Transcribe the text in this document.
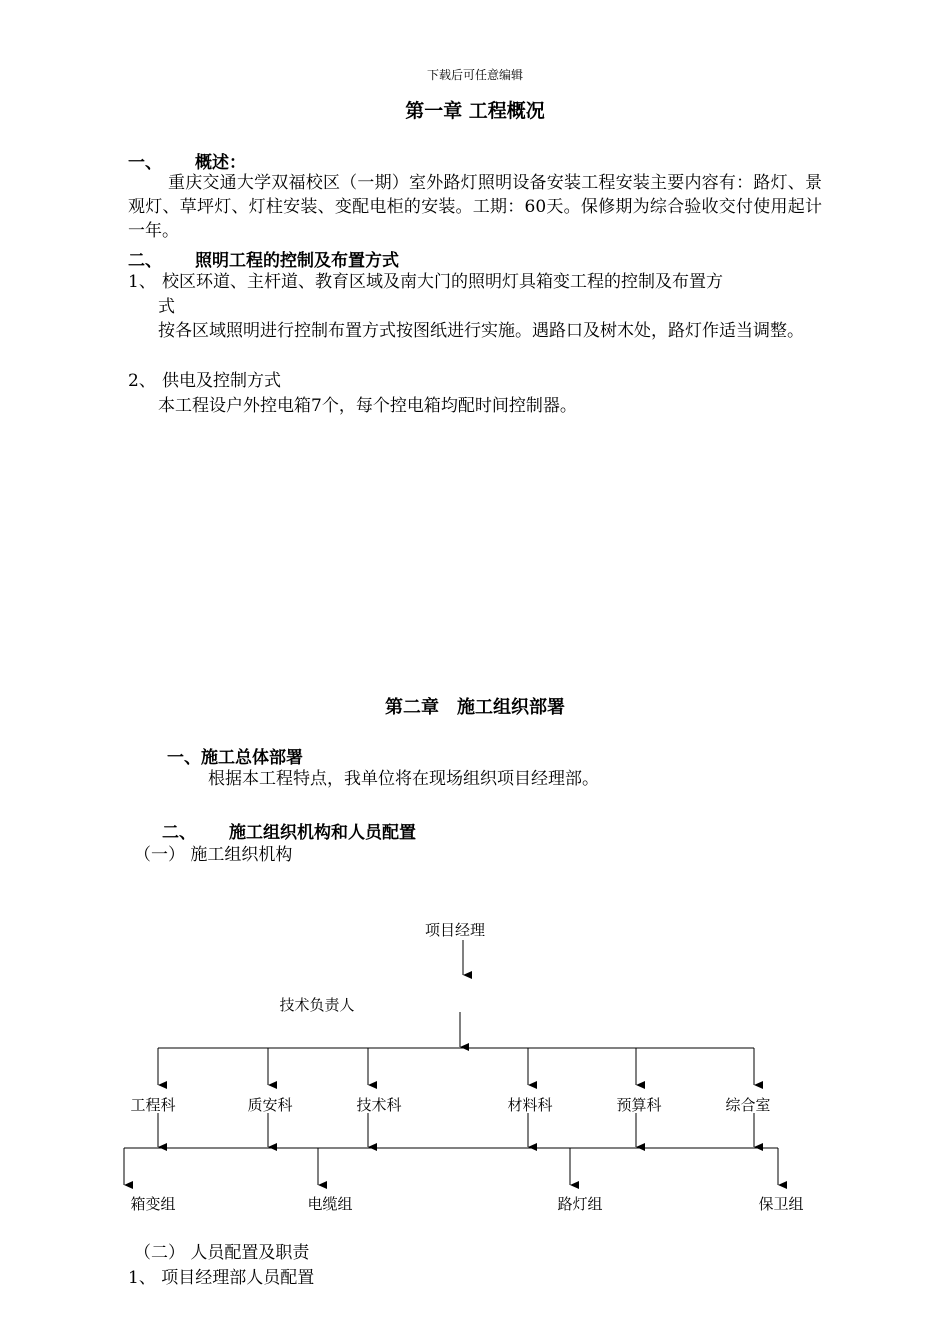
下载后可任意编辑
第一章 工程概况
一、 概述：
重庆交通大学双福校区（一期）室外路灯照明设备安装工程安装主要内容有：路灯、景观灯、草坪灯、灯柱安装、变配电柜的安装。工期：60天。保修期为综合验收交付使用起计一年。
二、 照明工程的控制及布置方式
1、 校区环道、主杆道、教育区域及南大门的照明灯具箱变工程的控制及布置方
式
按各区域照明进行控制布置方式按图纸进行实施。遇路口及树木处，路灯作适当调整。
2、 供电及控制方式
本工程设户外控电箱7个，每个控电箱均配时间控制器。
第二章　施工组织部署
一、施工总体部署
根据本工程特点，我单位将在现场组织项目经理部。
二、 施工组织机构和人员配置
（一） 施工组织机构
项目经理
技术负责人
工程科	质安科	技术科	材料科	预算科	综合室
箱变组	电缆组	路灯组	保卫组
（二） 人员配置及职责
1、 项目经理部人员配置
